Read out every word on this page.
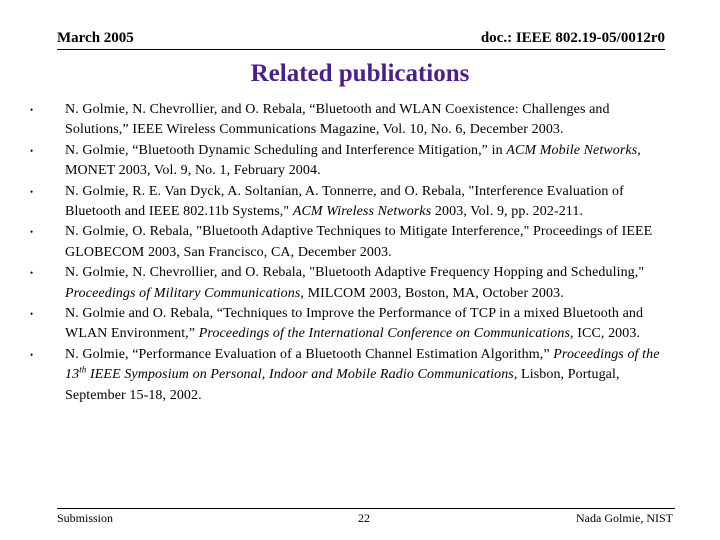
March 2005	doc.: IEEE 802.19-05/0012r0
Related publications
•	N. Golmie, N. Chevrollier, and O. Rebala, “Bluetooth and WLAN Coexistence: Challenges and Solutions,” IEEE Wireless Communications Magazine, Vol. 10, No. 6, December 2003.
•	N. Golmie, “Bluetooth Dynamic Scheduling and Interference Mitigation,” in ACM Mobile Networks, MONET 2003, Vol. 9, No. 1, February 2004.
•	N. Golmie, R. E. Van Dyck, A. Soltanian, A. Tonnerre, and O. Rebala, "Interference Evaluation of Bluetooth and IEEE 802.11b Systems," ACM Wireless Networks 2003, Vol. 9, pp. 202-211.
•	N. Golmie, O. Rebala, "Bluetooth Adaptive Techniques to Mitigate Interference," Proceedings of IEEE GLOBECOM 2003, San Francisco, CA, December 2003.
•	N. Golmie, N. Chevrollier, and O. Rebala, "Bluetooth Adaptive Frequency Hopping and Scheduling," Proceedings of Military Communications, MILCOM 2003, Boston, MA, October 2003.
•	N. Golmie and O. Rebala, “Techniques to Improve the Performance of TCP in a mixed Bluetooth and WLAN Environment,” Proceedings of the International Conference on Communications, ICC, 2003.
•	N. Golmie, “Performance Evaluation of a Bluetooth Channel Estimation Algorithm,” Proceedings of the 13th IEEE Symposium on Personal, Indoor and Mobile Radio Communications, Lisbon, Portugal, September 15-18, 2002.
Submission	22	Nada Golmie, NIST
